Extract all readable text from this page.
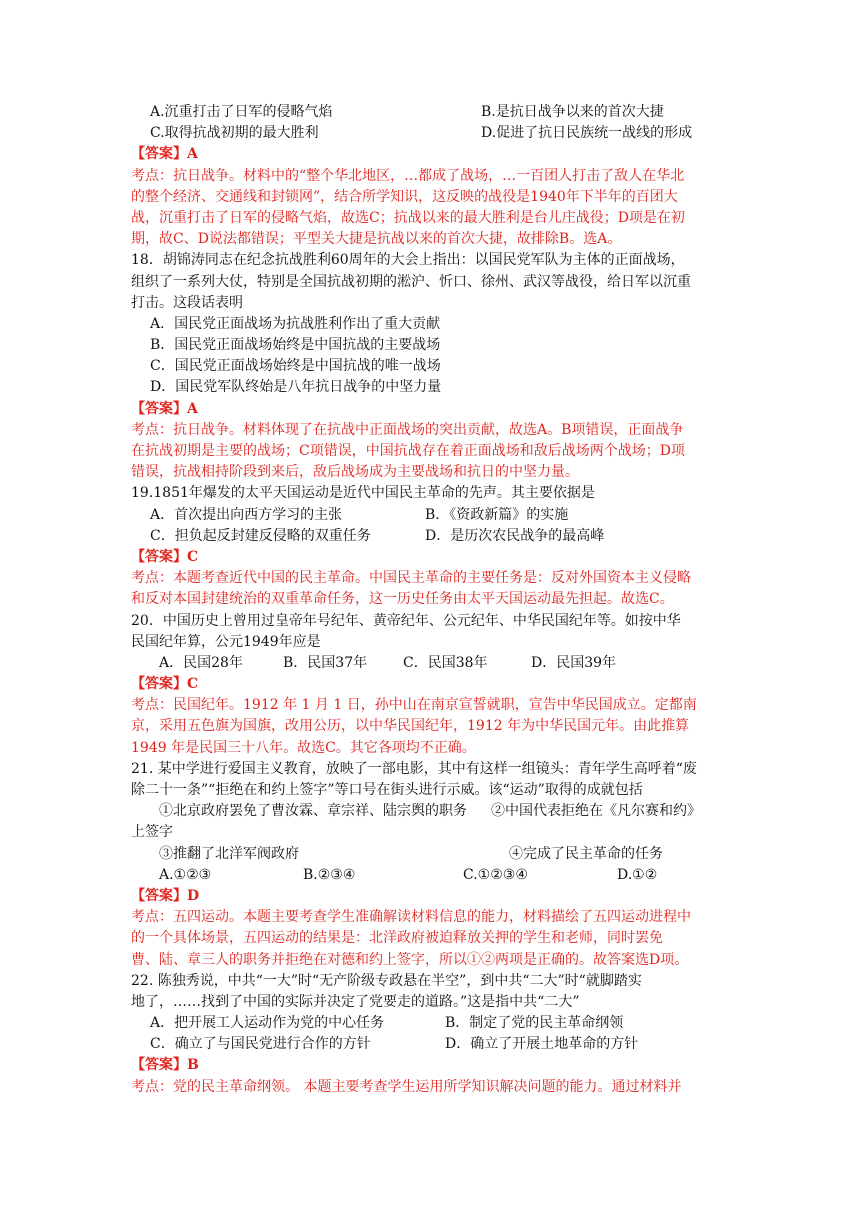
A.沉重打击了日军的侵略气焰	B.是抗日战争以来的首次大捷
C.取得抗战初期的最大胜利	D.促进了抗日民族统一战线的形成
【答案】A
考点：抗日战争。材料中的“整个华北地区，…都成了战场，…一百团人打击了敌人在华北
的整个经济、交通线和封锁网”，结合所学知识，这反映的战役是1940年下半年的百团大
战，沉重打击了日军的侵略气焰，故选C；抗战以来的最大胜利是台儿庄战役；D项是在初
期，故C、D说法都错误；平型关大捷是抗战以来的首次大捷，故排除B。选A。
18．胡锦涛同志在纪念抗战胜利60周年的大会上指出：以国民党军队为主体的正面战场，
组织了一系列大仗，特别是全国抗战初期的淞沪、忻口、徐州、武汉等战役，给日军以沉重
打击。这段话表明
A．国民党正面战场为抗战胜利作出了重大贡献
B．国民党正面战场始终是中国抗战的主要战场
C．国民党正面战场始终是中国抗战的唯一战场
D．国民党军队终始是八年抗日战争的中坚力量
【答案】A
考点：抗日战争。材料体现了在抗战中正面战场的突出贡献，故选A。B项错误，正面战争
在抗战初期是主要的战场；C项错误，中国抗战存在着正面战场和敌后战场两个战场；D项
错误，抗战相持阶段到来后，敌后战场成为主要战场和抗日的中坚力量。
19.1851年爆发的太平天国运动是近代中国民主革命的先声。其主要依据是
A．首次提出向西方学习的主张	B．《资政新篇》的实施
C．担负起反封建反侵略的双重任务	D．是历次农民战争的最高峰
【答案】C
考点：本题考查近代中国的民主革命。中国民主革命的主要任务是：反对外国资本主义侵略
和反对本国封建统治的双重革命任务，这一历史任务由太平天国运动最先担起。故选C。
20．中国历史上曾用过皇帝年号纪年、黄帝纪年、公元纪年、中华民国纪年等。如按中华
民国纪年算，公元1949年应是
A．民国28年	B．民国37年	C．民国38年	D．民国39年
【答案】C
考点：民国纪年。1912 年 1 月 1 日，孙中山在南京宣誓就职，宣告中华民国成立。定都南
京，采用五色旗为国旗，改用公历，以中华民国纪年，1912 年为中华民国元年。由此推算
1949 年是民国三十八年。故选C。其它各项均不正确。
21. 某中学进行爱国主义教育，放映了一部电影，其中有这样一组镜头：青年学生高呼着“废
除二十一条”“拒绝在和约上签字”等口号在街头进行示威。该“运动”取得的成就包括
①北京政府罢免了曹汝霖、章宗祥、陆宗舆的职务 ②中国代表拒绝在《凡尔赛和约》
上签字
③推翻了北洋军阀政府	④完成了民主革命的任务
A.①②③	B.②③④	C.①②③④	D.①②
【答案】D
考点：五四运动。本题主要考查学生准确解读材料信息的能力，材料描绘了五四运动进程中
的一个具体场景，五四运动的结果是：北洋政府被迫释放关押的学生和老师，同时罢免
曹、陆、章三人的职务并拒绝在对德和约上签字，所以①②两项是正确的。故答案选D项。
22. 陈独秀说，中共“一大”时“无产阶级专政悬在半空”，到中共“二大”时“就脚踏实
地了，……找到了中国的实际并决定了党要走的道路。”这是指中共“二大”
A．把开展工人运动作为党的中心任务	B．制定了党的民主革命纲领
C．确立了与国民党进行合作的方针	D．确立了开展土地革命的方针
【答案】B
考点：党的民主革命纲领。 本题主要考查学生运用所学知识解决问题的能力。通过材料并
